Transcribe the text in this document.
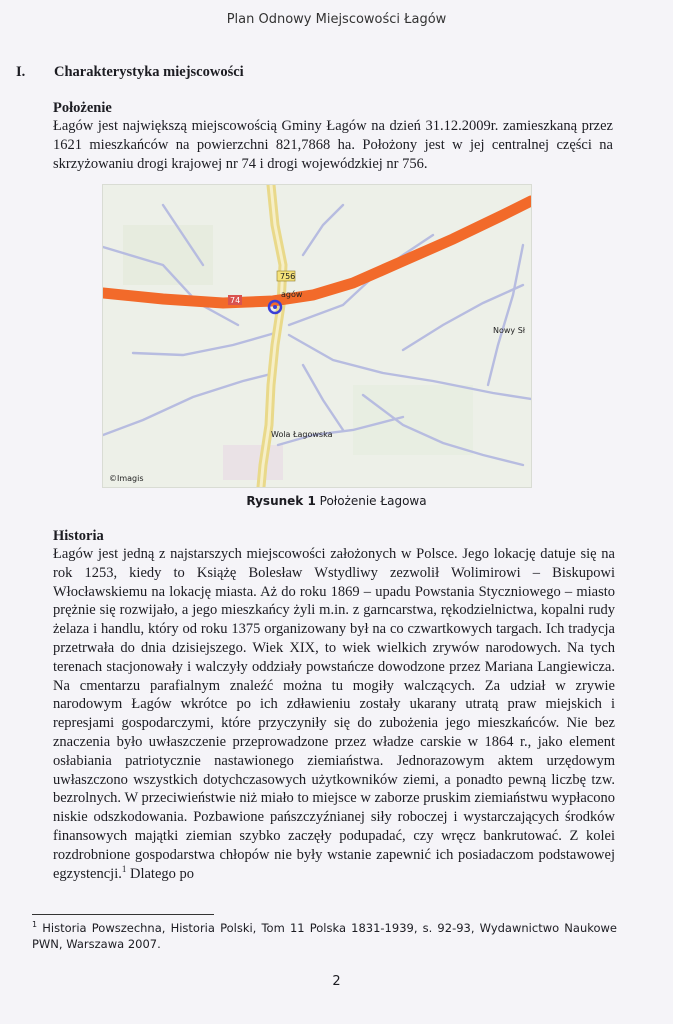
Plan Odnowy Miejscowości Łagów
I. Charakterystyka miejscowości
Położenie
Łagów jest największą miejscowością Gminy Łagów na dzień 31.12.2009r. zamieszkaną przez 1621 mieszkańców na powierzchni 821,7868 ha. Położony jest w jej centralnej części na skrzyżowaniu drogi krajowej nr 74 i drogi wojewódzkiej nr 756.
756
74
agów
Nowy Sł
Wola Łagowska
©Imagis
Rysunek 1 Położenie Łagowa
Historia
Łagów jest jedną z najstarszych miejscowości założonych w Polsce. Jego lokację datuje się na rok 1253, kiedy to Książę Bolesław Wstydliwy zezwolił Wolimirowi – Biskupowi Włocławskiemu na lokację miasta. Aż do roku 1869 – upadu Powstania Styczniowego – miasto prężnie się rozwijało, a jego mieszkańcy żyli m.in. z garncarstwa, rękodzielnictwa, kopalni rudy żelaza i handlu, który od roku 1375 organizowany był na co czwartkowych targach. Ich tradycja przetrwała do dnia dzisiejszego. Wiek XIX, to wiek wielkich zrywów narodowych. Na tych terenach stacjonowały i walczyły oddziały powstańcze dowodzone przez Mariana Langiewicza. Na cmentarzu parafialnym znaleźć można tu mogiły walczących. Za udział w zrywie narodowym Łagów wkrótce po ich zdławieniu zostały ukarany utratą praw miejskich i represjami gospodarczymi, które przyczyniły się do zubożenia jego mieszkańców. Nie bez znaczenia było uwłaszczenie przeprowadzone przez władze carskie w 1864 r., jako element osłabiania patriotycznie nastawionego ziemiaństwa. Jednorazowym aktem urzędowym uwłaszczono wszystkich dotychczasowych użytkowników ziemi, a ponadto pewną liczbę tzw. bezrolnych. W przeciwieństwie niż miało to miejsce w zaborze pruskim ziemiaństwu wypłacono niskie odszkodowania. Pozbawione pańszczyźnianej siły roboczej i wystarczających środków finansowych majątki ziemian szybko zaczęły podupadać, czy wręcz bankrutować. Z kolei rozdrobnione gospodarstwa chłopów nie były wstanie zapewnić ich posiadaczom podstawowej egzystencji.$^1$ Dlatego po
$^1$ Historia Powszechna, Historia Polski, Tom 11 Polska 1831-1939, s. 92-93, Wydawnictwo Naukowe PWN, Warszawa 2007.
2
